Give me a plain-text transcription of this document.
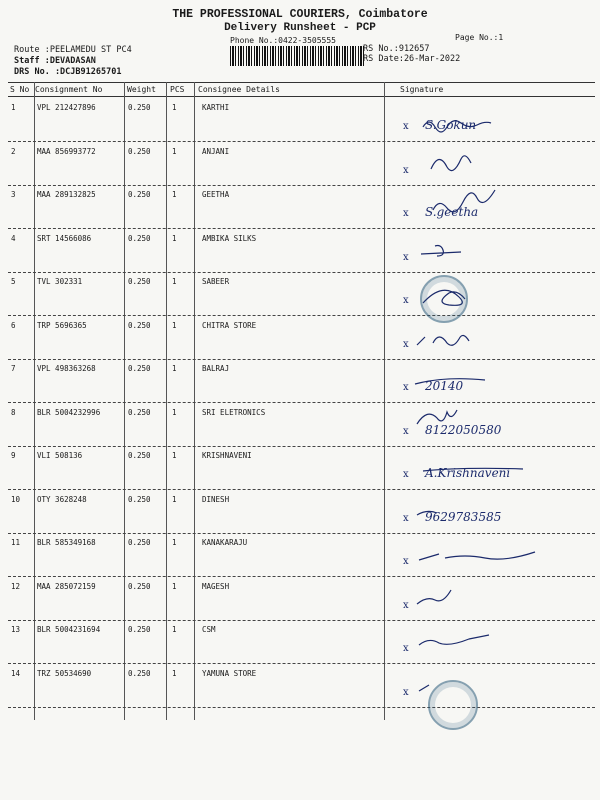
THE PROFESSIONAL COURIERS, Coimbatore
Delivery Runsheet - PCP
Phone No.:0422-3505555	Page No.:1
Route :PEELAMEDU ST PC4
Staff :DEVADASAN
DRS No. :DCJB91265701
RS No.:912657
RS Date:26-Mar-2022
S No Consignment No	Weight PCS Consignee Details	Signature
1	VPL 212427896	0.250	1	KARTHI
x S.Gokun
2	MAA 856993772	0.250	1	ANJANI
x
3	MAA 289132825	0.250	1	GEETHA
x S.geetha
4	SRT 14566086	0.250	1	AMBIKA SILKS
x
5	TVL 302331	0.250	1	SABEER
x
6	TRP 5696365	0.250	1	CHITRA STORE
x
7	VPL 498363268	0.250	1	BALRAJ
x 20140
8	BLR 5004232996	0.250	1	SRI ELETRONICS
x 8122050580
9	VLI 508136	0.250	1	KRISHNAVENI
x A.Krishnaveni
10 OTY 3628248	0.250	1	DINESH
x 9629783585
11 BLR 585349168	0.250	1	KANAKARAJU
x
12 MAA 285072159	0.250	1	MAGESH
x
13 BLR 5004231694	0.250	1	CSM
x
14 TRZ 50534690	0.250	1	YAMUNA STORE
x
